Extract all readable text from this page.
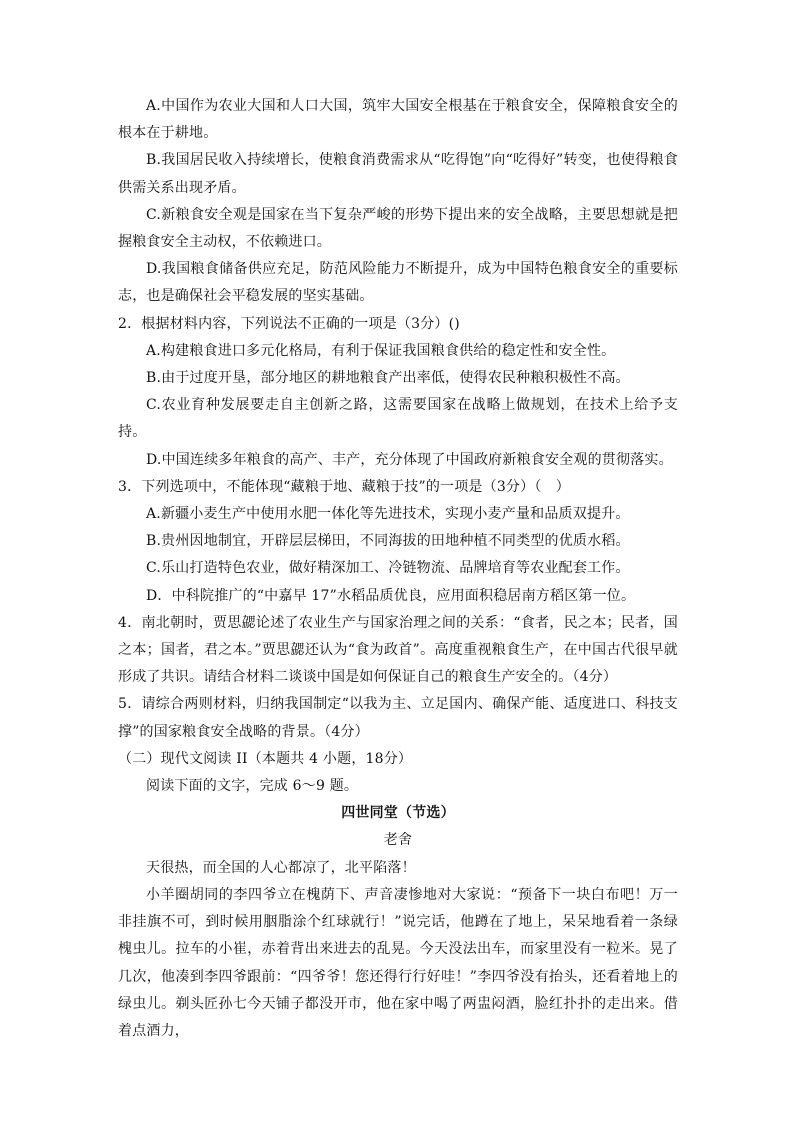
A.中国作为农业大国和人口大国，筑牢大国安全根基在于粮食安全，保障粮食安全的根本在于耕地。

B.我国居民收入持续增长，使粮食消费需求从“吃得饱”向“吃得好”转变，也使得粮食供需关系出现矛盾。

C.新粮食安全观是国家在当下复杂严峻的形势下提出来的安全战略，主要思想就是把握粮食安全主动权，不依赖进口。

D.我国粮食储备供应充足，防范风险能力不断提升，成为中国特色粮食安全的重要标志，也是确保社会平稳发展的坚实基础。

2．根据材料内容，下列说法不正确的一项是（3分）()

A.构建粮食进口多元化格局，有利于保证我国粮食供给的稳定性和安全性。

B.由于过度开垦，部分地区的耕地粮食产出率低，使得农民种粮积极性不高。

C.农业育种发展要走自主创新之路，这需要国家在战略上做规划，在技术上给予支持。

D.中国连续多年粮食的高产、丰产，充分体现了中国政府新粮食安全观的贯彻落实。

3．下列选项中，不能体现“藏粮于地、藏粮于技”的一项是（3分）（　）

A.新疆小麦生产中使用水肥一体化等先进技术，实现小麦产量和品质双提升。

B.贵州因地制宜，开辟层层梯田，不同海拔的田地种植不同类型的优质水稻。

C.乐山打造特色农业，做好精深加工、冷链物流、品牌培育等农业配套工作。

D．中科院推广的“中嘉早 17”水稻品质优良，应用面积稳居南方稻区第一位。

4．南北朝时，贾思勰论述了农业生产与国家治理之间的关系：“食者，民之本；民者，国之本；国者，君之本。”贾思勰还认为“食为政首”。高度重视粮食生产，在中国古代很早就形成了共识。请结合材料二谈谈中国是如何保证自己的粮食生产安全的。（4分）

5．请综合两则材料，归纳我国制定“以我为主、立足国内、确保产能、适度进口、科技支撑”的国家粮食安全战略的背景。（4分）

（二）现代文阅读 II（本题共 4 小题，18分）

阅读下面的文字，完成 6～9 题。

四世同堂（节选）

老舍

天很热，而全国的人心都凉了，北平陷落！

小羊圈胡同的李四爷立在槐荫下、声音凄惨地对大家说：“预备下一块白布吧！万一非挂旗不可，到时候用胭脂涂个红球就行！”说完话，他蹲在了地上，呆呆地看着一条绿槐虫儿。拉车的小崔，赤着背出来进去的乱晃。今天没法出车，而家里没有一粒米。晃了几次，他凑到李四爷跟前：“四爷爷！您还得行行好哇！”李四爷没有抬头，还看着地上的绿虫儿。剃头匠孙七今天铺子都没开市，他在家中喝了两盅闷酒，脸红扑扑的走出来。借着点酒力，
